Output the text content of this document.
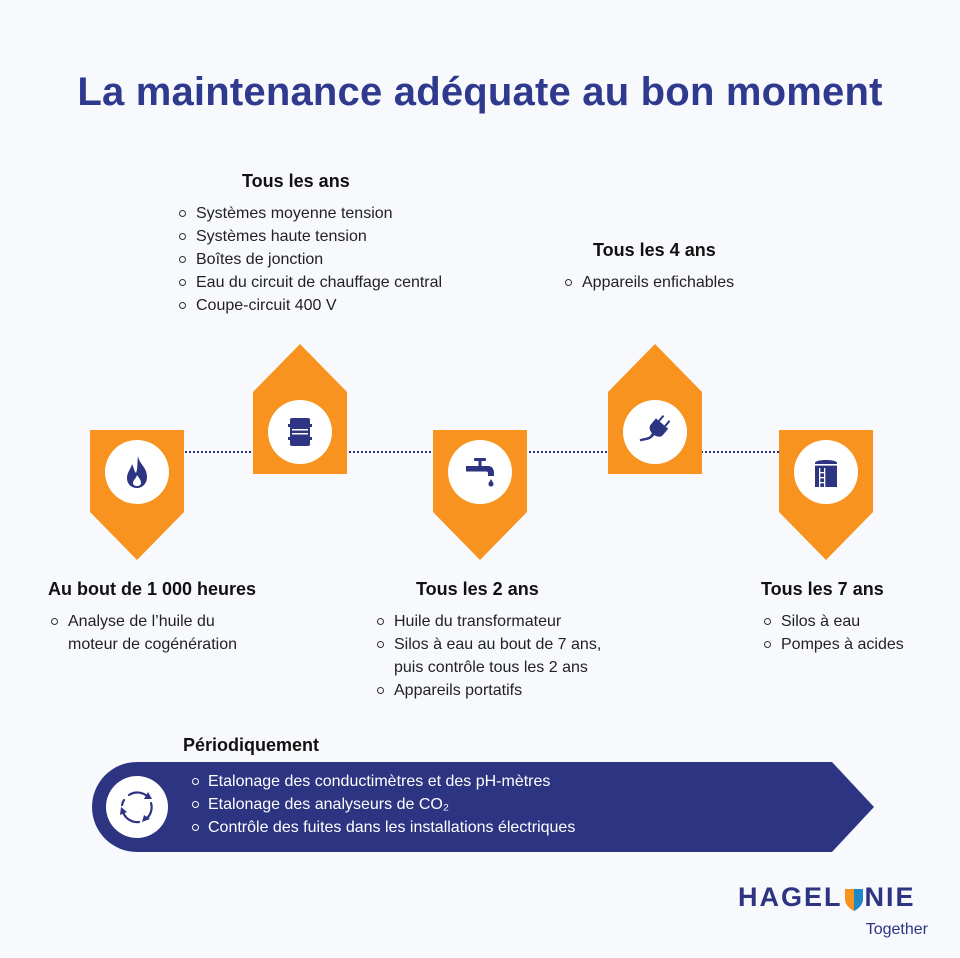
La maintenance adéquate au bon moment
Au bout de 1 000 heures
Analyse de l’huile du moteur de cogénération
Tous les ans
Systèmes moyenne tension
Systèmes haute tension
Boîtes de jonction
Eau du circuit de chauffage central
Coupe-circuit 400 V
Tous les 2 ans
Huile du transformateur
Silos à eau au bout de 7 ans, puis contrôle tous les 2 ans
Appareils portatifs
Tous les 4 ans
Appareils enfichables
Tous les 7 ans
Silos à eau
Pompes à acides
Périodiquement
Etalonage des conductimètres et des pH-mètres
Etalonage des analyseurs de CO₂
Contrôle des fuites dans les installations électriques
HAGEL NIE
Together
